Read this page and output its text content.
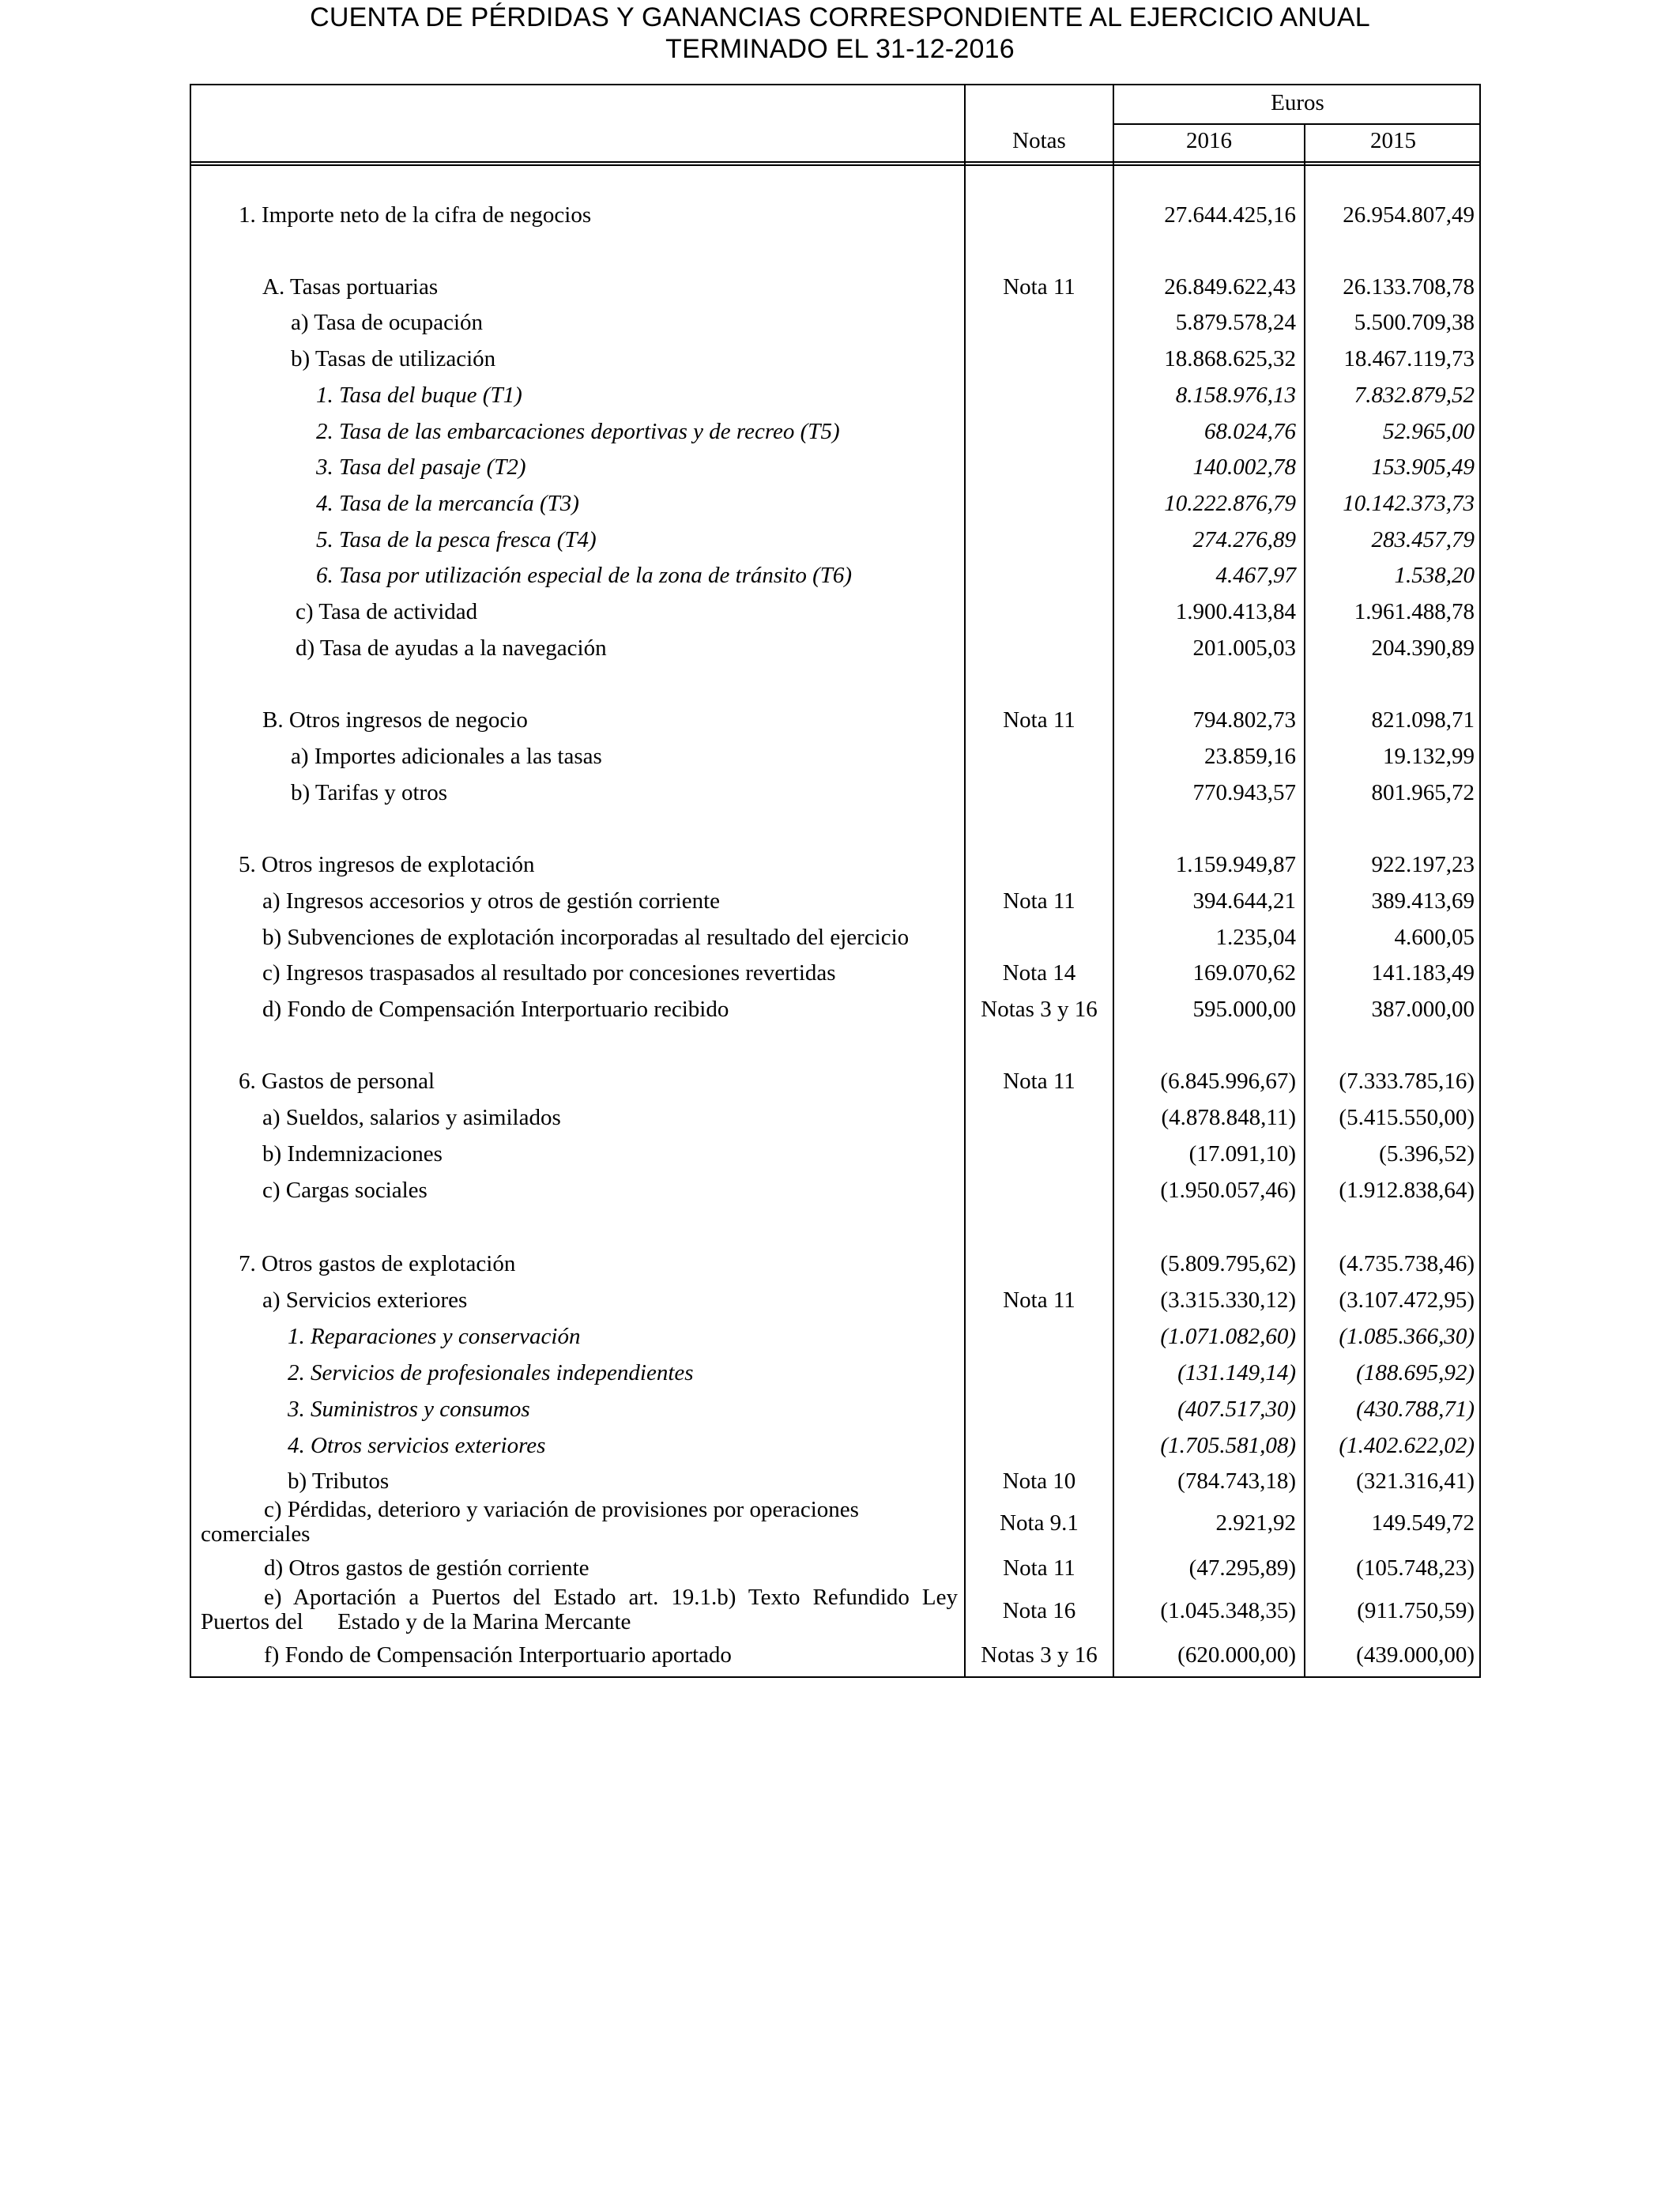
CUENTA DE PÉRDIDAS Y GANANCIAS CORRESPONDIENTE AL EJERCICIO ANUAL
TERMINADO EL 31-12-2016
Euros
Notas	2016	2015
1. Importe neto de la cifra de negocios	27.644.425,16	26.954.807,49
A. Tasas portuarias	Nota 11	26.849.622,43	26.133.708,78
a) Tasa de ocupación	5.879.578,24	5.500.709,38
b) Tasas de utilización	18.868.625,32	18.467.119,73
1. Tasa del buque (T1)	8.158.976,13	7.832.879,52
2. Tasa de las embarcaciones deportivas y de recreo (T5)	68.024,76	52.965,00
3. Tasa del pasaje (T2)	140.002,78	153.905,49
4. Tasa de la mercancía (T3)	10.222.876,79	10.142.373,73
5. Tasa de la pesca fresca (T4)	274.276,89	283.457,79
6. Tasa por utilización especial de la zona de tránsito (T6)	4.467,97	1.538,20
c) Tasa de actividad	1.900.413,84	1.961.488,78
d) Tasa de ayudas a la navegación	201.005,03	204.390,89
B. Otros ingresos de negocio	Nota 11	794.802,73	821.098,71
a) Importes adicionales a las tasas	23.859,16	19.132,99
b) Tarifas y otros	770.943,57	801.965,72
5. Otros ingresos de explotación	1.159.949,87	922.197,23
a) Ingresos accesorios y otros de gestión corriente	Nota 11	394.644,21	389.413,69
b) Subvenciones de explotación incorporadas al resultado del ejercicio	1.235,04	4.600,05
c) Ingresos traspasados al resultado por concesiones revertidas	Nota 14	169.070,62	141.183,49
d) Fondo de Compensación Interportuario recibido	Notas 3 y 16	595.000,00	387.000,00
6. Gastos de personal	Nota 11	(6.845.996,67)	(7.333.785,16)
a) Sueldos, salarios y asimilados	(4.878.848,11)	(5.415.550,00)
b) Indemnizaciones	(17.091,10)	(5.396,52)
c) Cargas sociales	(1.950.057,46)	(1.912.838,64)
7. Otros gastos de explotación	(5.809.795,62)	(4.735.738,46)
a) Servicios exteriores	Nota 11	(3.315.330,12)	(3.107.472,95)
1. Reparaciones y conservación	(1.071.082,60)	(1.085.366,30)
2. Servicios de profesionales independientes	(131.149,14)	(188.695,92)
3. Suministros y consumos	(407.517,30)	(430.788,71)
4. Otros servicios exteriores	(1.705.581,08)	(1.402.622,02)
b) Tributos	Nota 10	(784.743,18)	(321.316,41)
c) Pérdidas, deterioro y variación de provisiones por operaciones
comerciales	Nota 9.1	2.921,92	149.549,72
d) Otros gastos de gestión corriente	Nota 11	(47.295,89)	(105.748,23)
e) Aportación a Puertos del Estado art. 19.1.b) Texto Refundido Ley
Puertos del      Estado y de la Marina Mercante	Nota 16	(1.045.348,35)	(911.750,59)
f) Fondo de Compensación Interportuario aportado	Notas 3 y 16	(620.000,00)	(439.000,00)
